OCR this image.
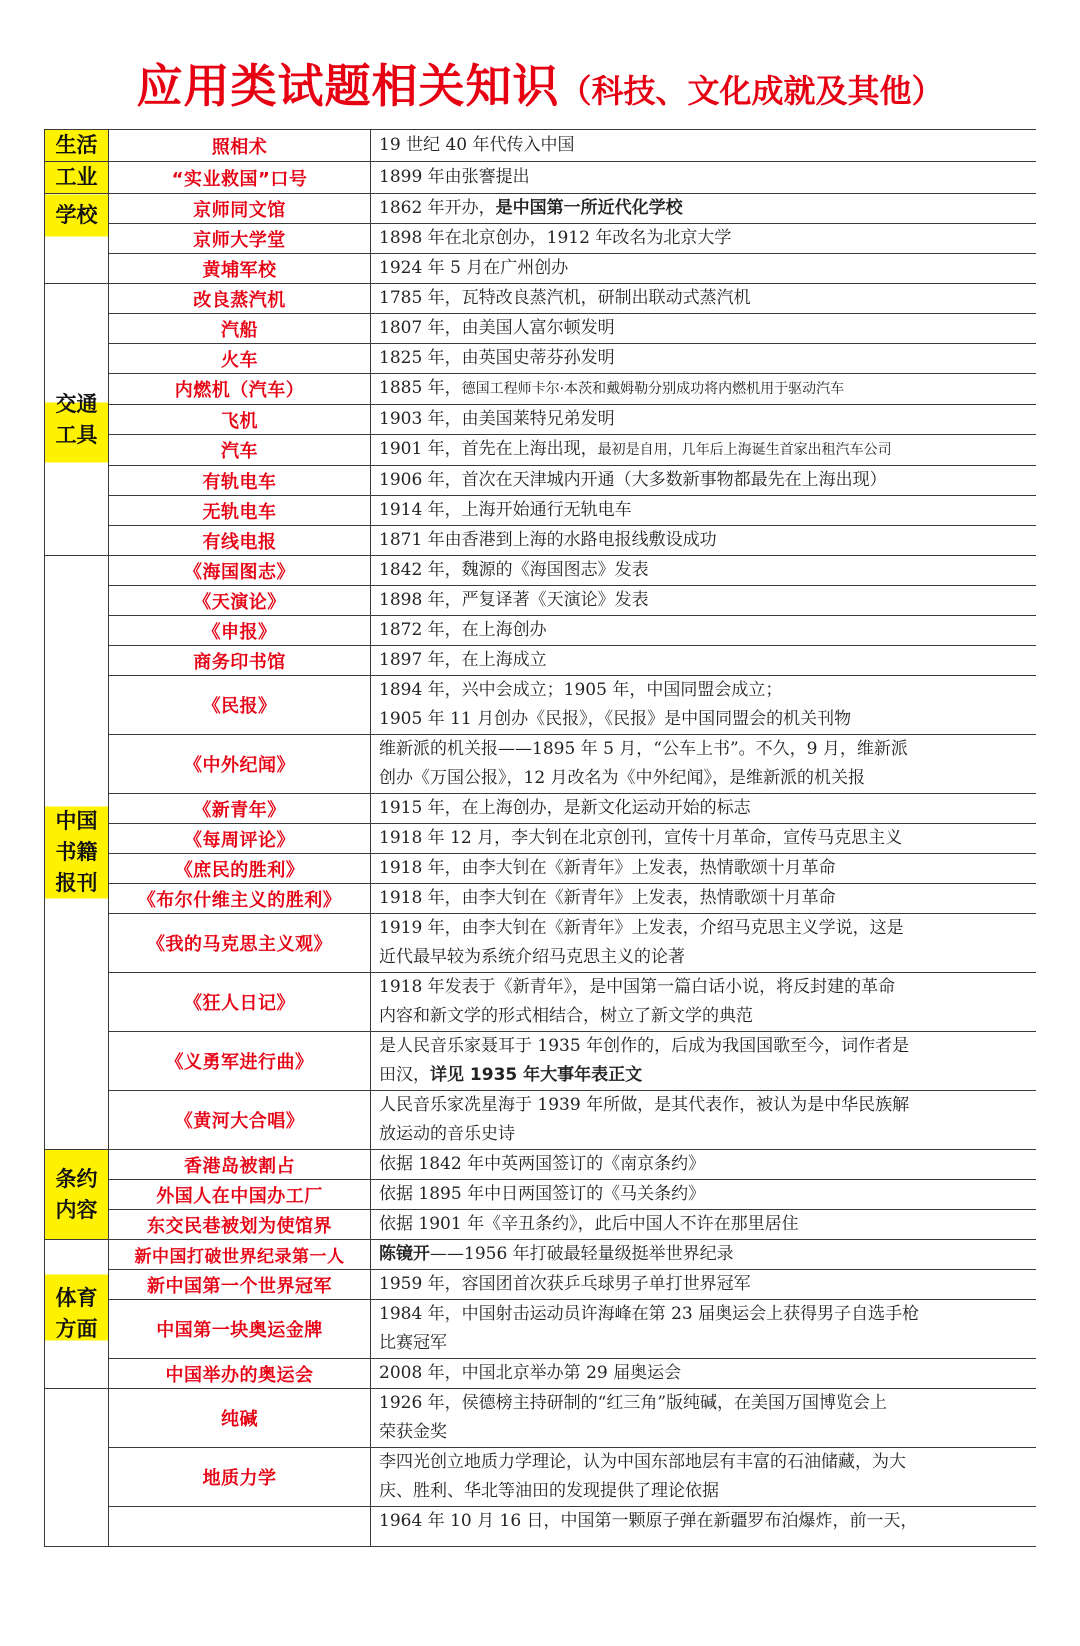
应用类试题相关知识（科技、文化成就及其他）
生活	照相术	19 世纪 40 年代传入中国
工业	“实业救国”口号	1899 年由张謇提出
学校	京师同文馆	1862 年开办，是中国第一所近代化学校
	京师大学堂	1898 年在北京创办，1912 年改名为北京大学
	黄埔军校	1924 年 5 月在广州创办
交通工具	改良蒸汽机	1785 年，瓦特改良蒸汽机，研制出联动式蒸汽机
	汽船	1807 年，由美国人富尔顿发明
	火车	1825 年，由英国史蒂芬孙发明
	内燃机（汽车）	1885 年，德国工程师卡尔·本茨和戴姆勒分别成功将内燃机用于驱动汽车
	飞机	1903 年，由美国莱特兄弟发明
	汽车	1901 年，首先在上海出现，最初是自用，几年后上海诞生首家出租汽车公司
	有轨电车	1906 年，首次在天津城内开通（大多数新事物都最先在上海出现）
	无轨电车	1914 年，上海开始通行无轨电车
	有线电报	1871 年由香港到上海的水路电报线敷设成功
中国书籍报刊	《海国图志》	1842 年，魏源的《海国图志》发表
	《天演论》	1898 年，严复译著《天演论》发表
	《申报》	1872 年，在上海创办
	商务印书馆	1897 年，在上海成立
	《民报》	1894 年，兴中会成立；1905 年，中国同盟会成立；
1905 年 11 月创办《民报》，《民报》是中国同盟会的机关刊物

	《中外纪闻》	维新派的机关报——1895 年 5 月，“公车上书”。不久，9 月，维新派
创办《万国公报》，12 月改名为《中外纪闻》，是维新派的机关报

	《新青年》	1915 年，在上海创办，是新文化运动开始的标志
	《每周评论》	1918 年 12 月，李大钊在北京创刊，宣传十月革命，宣传马克思主义
	《庶民的胜利》	1918 年，由李大钊在《新青年》上发表，热情歌颂十月革命
	《布尔什维主义的胜利》	1918 年，由李大钊在《新青年》上发表，热情歌颂十月革命
	《我的马克思主义观》	1919 年，由李大钊在《新青年》上发表，介绍马克思主义学说，这是
近代最早较为系统介绍马克思主义的论著

	《狂人日记》	1918 年发表于《新青年》，是中国第一篇白话小说，将反封建的革命
内容和新文学的形式相结合，树立了新文学的典范

	《义勇军进行曲》	是人民音乐家聂耳于 1935 年创作的，后成为我国国歌至今，词作者是
田汉，详见 1935 年大事年表正文

	《黄河大合唱》	人民音乐家冼星海于 1939 年所做，是其代表作，被认为是中华民族解
放运动的音乐史诗

条约内容	香港岛被割占	依据 1842 年中英两国签订的《南京条约》
	外国人在中国办工厂	依据 1895 年中日两国签订的《马关条约》
	东交民巷被划为使馆界	依据 1901 年《辛丑条约》，此后中国人不许在那里居住
体育方面	新中国打破世界纪录第一人	陈镜开——1956 年打破最轻量级挺举世界纪录
	新中国第一个世界冠军	1959 年，容国团首次获乒乓球男子单打世界冠军
	中国第一块奥运金牌	1984 年，中国射击运动员许海峰在第 23 届奥运会上获得男子自选手枪
比赛冠军

	中国举办的奥运会	2008 年，中国北京举办第 29 届奥运会
	纯碱	1926 年，侯德榜主持研制的“红三角”版纯碱，在美国万国博览会上
荣获金奖

	地质力学	李四光创立地质力学理论，认为中国东部地层有丰富的石油储藏，为大
庆、胜利、华北等油田的发现提供了理论依据

		1964 年 10 月 16 日，中国第一颗原子弹在新疆罗布泊爆炸，前一天，
